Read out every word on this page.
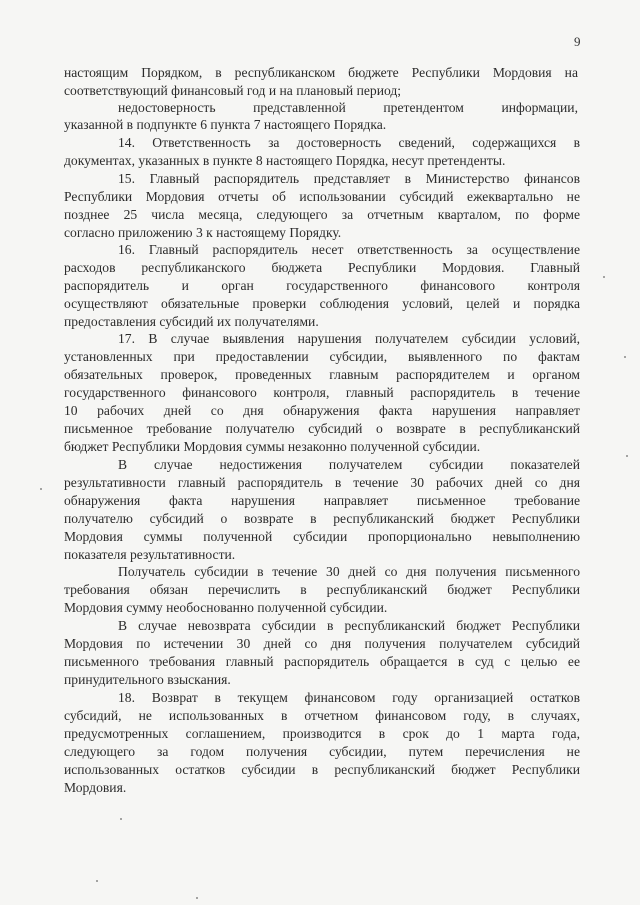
9
настоящим Порядком, в республиканском бюджете Республики Мордовия на
соответствующий финансовый год и на плановый период;
недостоверность представленной претендентом информации,
указанной в подпункте 6 пункта 7 настоящего Порядка.
14. Ответственность за достоверность сведений, содержащихся в
документах, указанных в пункте 8 настоящего Порядка, несут претенденты.
15. Главный распорядитель представляет в Министерство финансов
Республики Мордовия отчеты об использовании субсидий ежеквартально не
позднее 25 числа месяца, следующего за отчетным кварталом, по форме
согласно приложению 3 к настоящему Порядку.
16. Главный распорядитель несет ответственность за осуществление
расходов республиканского бюджета Республики Мордовия. Главный
распорядитель и орган государственного финансового контроля
осуществляют обязательные проверки соблюдения условий, целей и порядка
предоставления субсидий их получателями.
17. В случае выявления нарушения получателем субсидии условий,
установленных при предоставлении субсидии, выявленного по фактам
обязательных проверок, проведенных главным распорядителем и органом
государственного финансового контроля, главный распорядитель в течение
10 рабочих дней со дня обнаружения факта нарушения направляет
письменное требование получателю субсидий о возврате в республиканский
бюджет Республики Мордовия суммы незаконно полученной субсидии.
В случае недостижения получателем субсидии показателей
результативности главный распорядитель в течение 30 рабочих дней со дня
обнаружения факта нарушения направляет письменное требование
получателю субсидий о возврате в республиканский бюджет Республики
Мордовия суммы полученной субсидии пропорционально невыполнению
показателя результативности.
Получатель субсидии в течение 30 дней со дня получения письменного
требования обязан перечислить в республиканский бюджет Республики
Мордовия сумму необоснованно полученной субсидии.
В случае невозврата субсидии в республиканский бюджет Республики
Мордовия по истечении 30 дней со дня получения получателем субсидий
письменного требования главный распорядитель обращается в суд с целью ее
принудительного взыскания.
18. Возврат в текущем финансовом году организацией остатков
субсидий, не использованных в отчетном финансовом году, в случаях,
предусмотренных соглашением, производится в срок до 1 марта года,
следующего за годом получения субсидии, путем перечисления не
использованных остатков субсидии в республиканский бюджет Республики
Мордовия.
